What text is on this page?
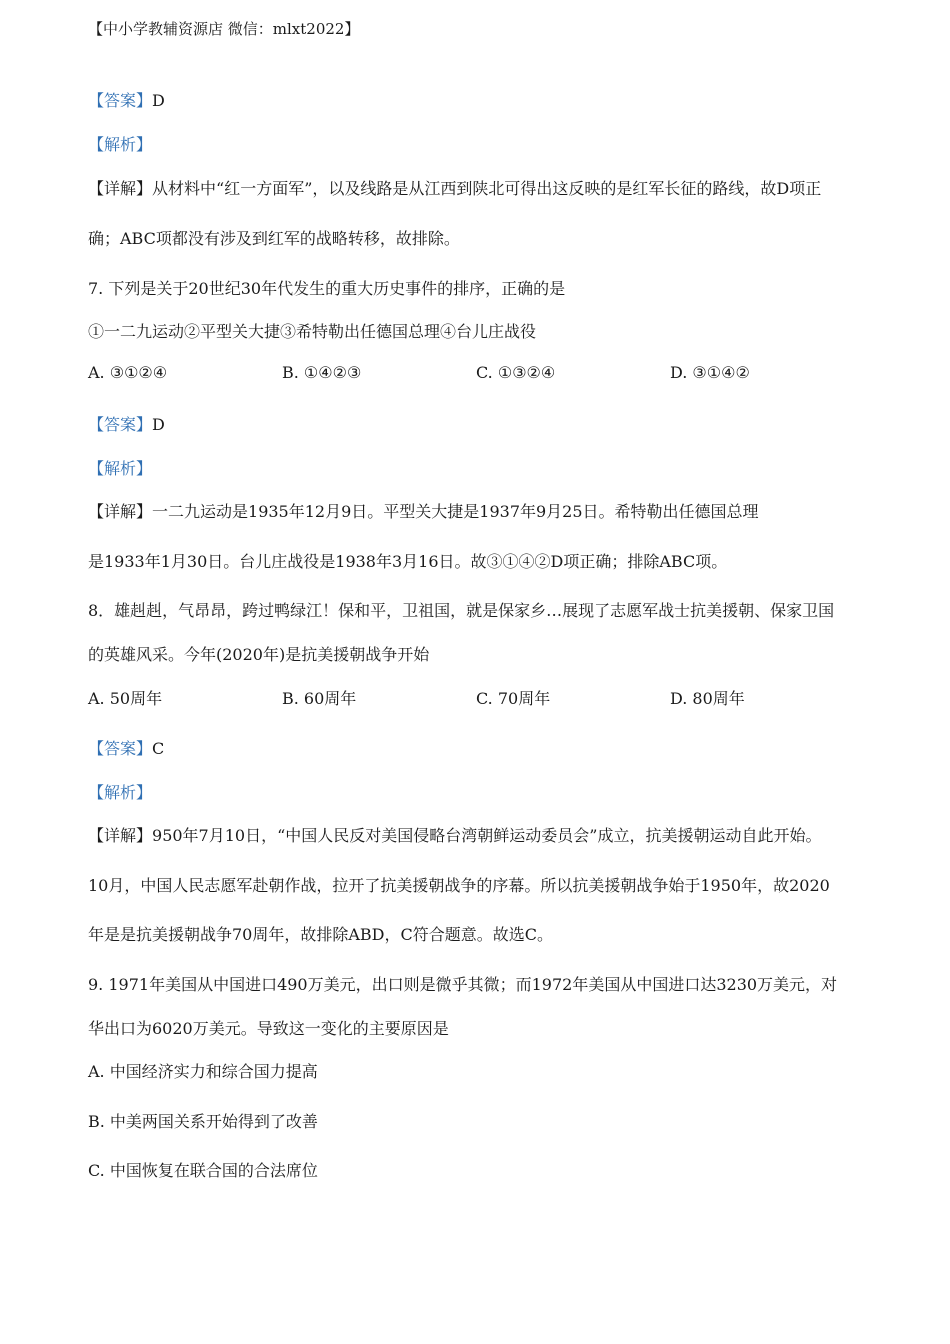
【中小学教辅资源店 微信：mlxt2022】
【答案】D
【解析】
【详解】从材料中“红一方面军”，以及线路是从江西到陕北可得出这反映的是红军长征的路线，故D项正
确；ABC项都没有涉及到红军的战略转移，故排除。
7. 下列是关于20世纪30年代发生的重大历史事件的排序，正确的是
①一二九运动②平型关大捷③希特勒出任德国总理④台儿庄战役
A. ③①②④	B. ①④②③	C. ①③②④	D. ③①④②
【答案】D
【解析】
【详解】一二九运动是1935年12月9日。平型关大捷是1937年9月25日。希特勒出任德国总理
是1933年1月30日。台儿庄战役是1938年3月16日。故③①④②D项正确；排除ABC项。
8．雄赳赳，气昂昂，跨过鸭绿江！保和平，卫祖国，就是保家乡…展现了志愿军战士抗美援朝、保家卫国
的英雄风采。今年(2020年)是抗美援朝战争开始
A. 50周年	B. 60周年	C. 70周年	D. 80周年
【答案】C
【解析】
【详解】950年7月10日，“中国人民反对美国侵略台湾朝鲜运动委员会”成立，抗美援朝运动自此开始。
10月，中国人民志愿军赴朝作战，拉开了抗美援朝战争的序幕。所以抗美援朝战争始于1950年，故2020
年是是抗美援朝战争70周年，故排除ABD，C符合题意。故选C。
9. 1971年美国从中国进口490万美元，出口则是微乎其微；而1972年美国从中国进口达3230万美元，对
华出口为6020万美元。导致这一变化的主要原因是
A. 中国经济实力和综合国力提高
B. 中美两国关系开始得到了改善
C. 中国恢复在联合国的合法席位
